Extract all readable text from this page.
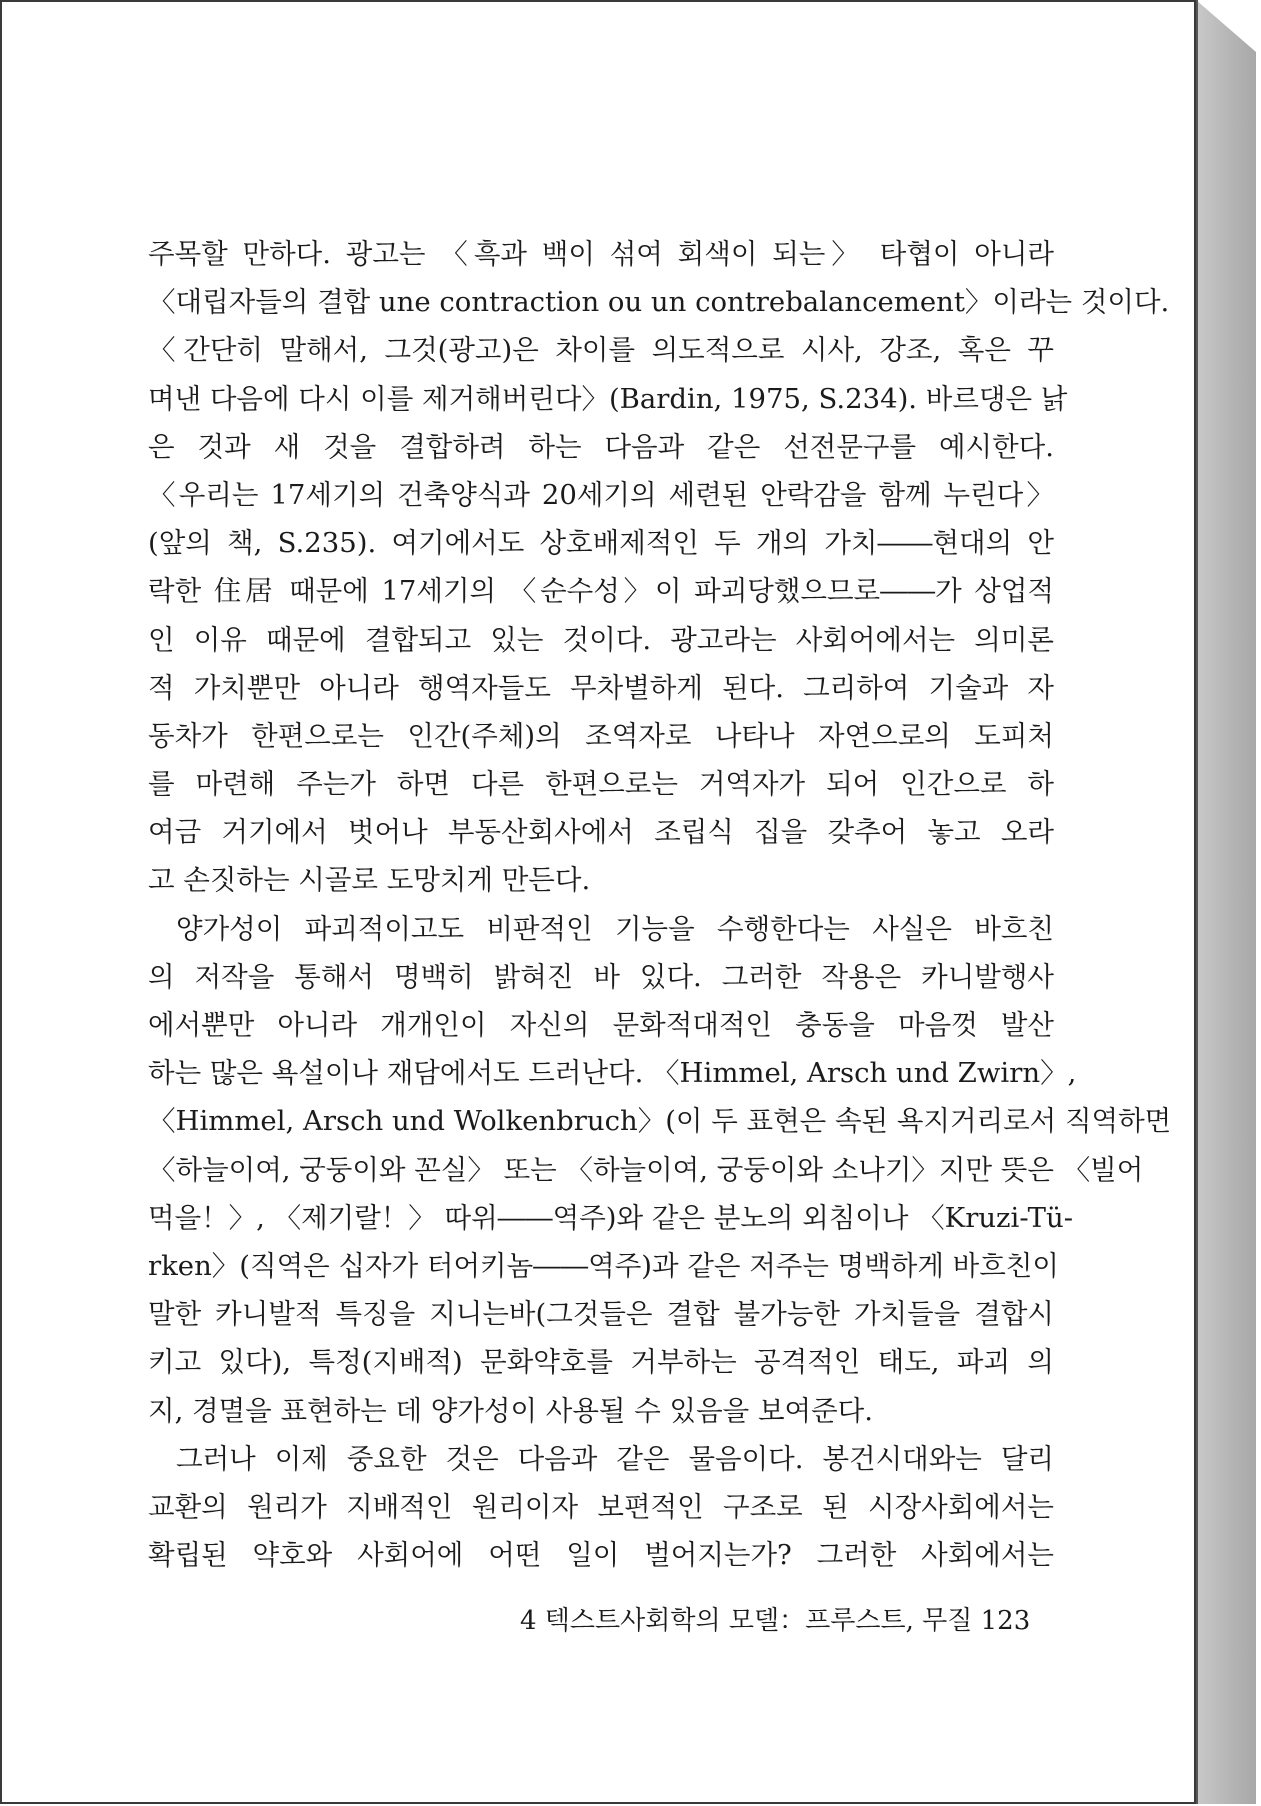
주목할 만하다. 광고는 〈흑과 백이 섞여 회색이 되는〉 타협이 아니라
〈대립자들의 결합 une contraction ou un contrebalancement〉이라는 것이다.
〈간단히 말해서, 그것(광고)은 차이를 의도적으로 시사, 강조, 혹은 꾸
며낸 다음에 다시 이를 제거해버린다〉(Bardin, 1975, S.234). 바르댕은 낡
은 것과 새 것을 결합하려 하는 다음과 같은 선전문구를 예시한다.
〈우리는 17세기의 건축양식과 20세기의 세련된 안락감을 함께 누린다〉
(앞의 책, S.235). 여기에서도 상호배제적인 두 개의 가치――현대의 안
락한 住居 때문에 17세기의 〈순수성〉이 파괴당했으므로――가 상업적
인 이유 때문에 결합되고 있는 것이다. 광고라는 사회어에서는 의미론
적 가치뿐만 아니라 행역자들도 무차별하게 된다. 그리하여 기술과 자
동차가 한편으로는 인간(주체)의 조역자로 나타나 자연으로의 도피처
를 마련해 주는가 하면 다른 한편으로는 거역자가 되어 인간으로 하
여금 거기에서 벗어나 부동산회사에서 조립식 집을 갖추어 놓고 오라
고 손짓하는 시골로 도망치게 만든다.
양가성이 파괴적이고도 비판적인 기능을 수행한다는 사실은 바흐친
의 저작을 통해서 명백히 밝혀진 바 있다. 그러한 작용은 카니발행사
에서뿐만 아니라 개개인이 자신의 문화적대적인 충동을 마음껏 발산
하는 많은 욕설이나 재담에서도 드러난다. 〈Himmel, Arsch und Zwirn〉,
〈Himmel, Arsch und Wolkenbruch〉(이 두 표현은 속된 욕지거리로서 직역하면
〈하늘이여, 궁둥이와 꼰실〉 또는 〈하늘이여, 궁둥이와 소나기〉지만 뜻은 〈빌어
먹을！〉, 〈제기랄！〉 따위――역주)와 같은 분노의 외침이나 〈Kruzi-Tü-
rken〉(직역은 십자가 터어키놈――역주)과 같은 저주는 명백하게 바흐친이
말한 카니발적 특징을 지니는바(그것들은 결합 불가능한 가치들을 결합시
키고 있다), 특정(지배적) 문화약호를 거부하는 공격적인 태도, 파괴 의
지, 경멸을 표현하는 데 양가성이 사용될 수 있음을 보여준다.
그러나 이제 중요한 것은 다음과 같은 물음이다. 봉건시대와는 달리
교환의 원리가 지배적인 원리이자 보편적인 구조로 된 시장사회에서는
확립된 약호와 사회어에 어떤 일이 벌어지는가? 그러한 사회에서는
4 텍스트사회학의 모델：프루스트, 무질 123
